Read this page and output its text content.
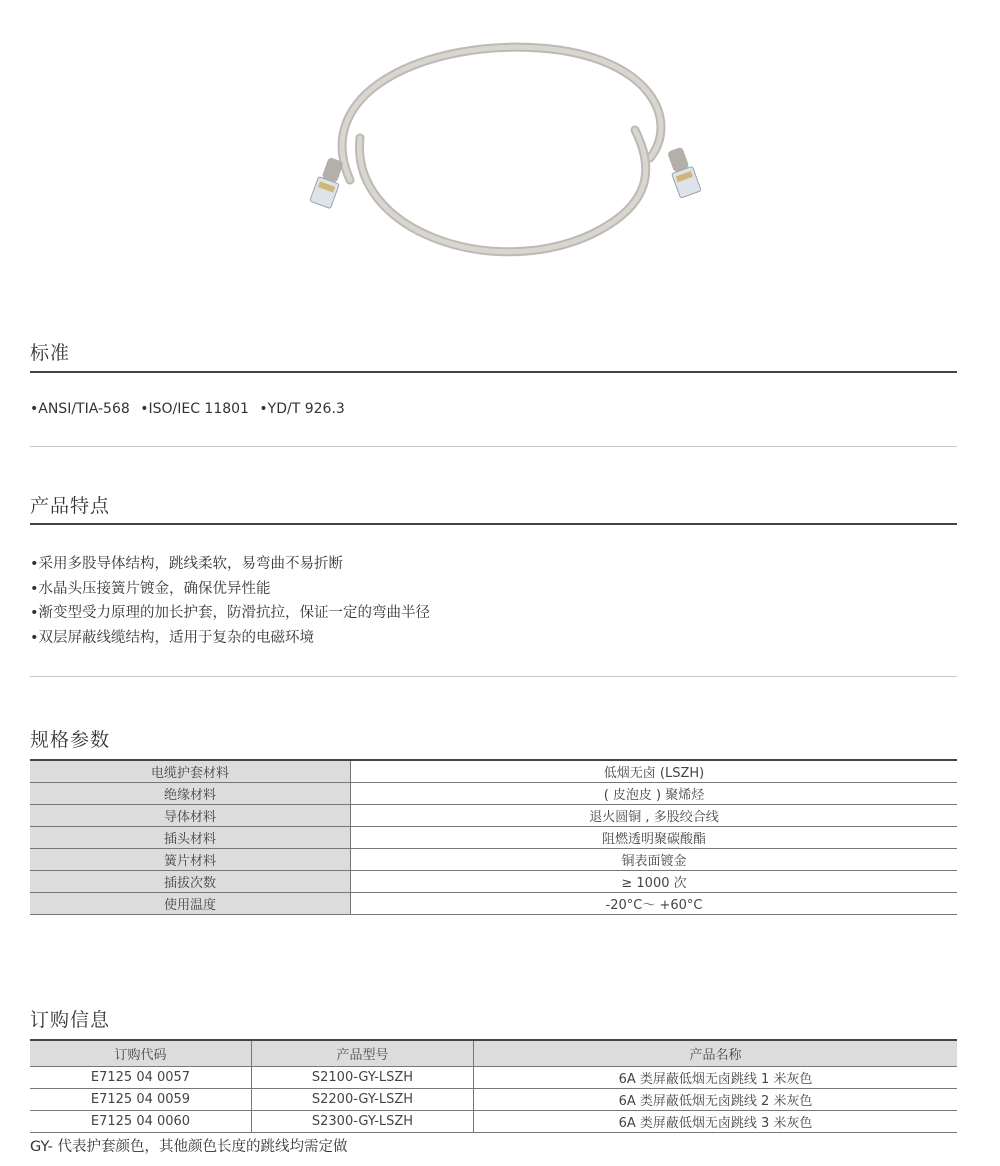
标准
•ANSI/TIA-568 •ISO/IEC 11801 •YD/T 926.3
产品特点
•采用多股导体结构，跳线柔软，易弯曲不易折断
•水晶头压接簧片镀金，确保优异性能
•渐变型受力原理的加长护套，防滑抗拉，保证一定的弯曲半径
•双层屏蔽线缆结构，适用于复杂的电磁环境
规格参数
电缆护套材料	低烟无卤 (LSZH)
绝缘材料	( 皮泡皮 ) 聚烯烃
导体材料	退火圆铜 , 多股绞合线
插头材料	阻燃透明聚碳酸酯
簧片材料	铜表面镀金
插拔次数	≥ 1000 次
使用温度	-20°C～ +60°C
订购信息
订购代码	产品型号	产品名称
E7125 04 0057	S2100-GY-LSZH	6A 类屏蔽低烟无卤跳线 1 米灰色
E7125 04 0059	S2200-GY-LSZH	6A 类屏蔽低烟无卤跳线 2 米灰色
E7125 04 0060	S2300-GY-LSZH	6A 类屏蔽低烟无卤跳线 3 米灰色
GY- 代表护套颜色，其他颜色长度的跳线均需定做
